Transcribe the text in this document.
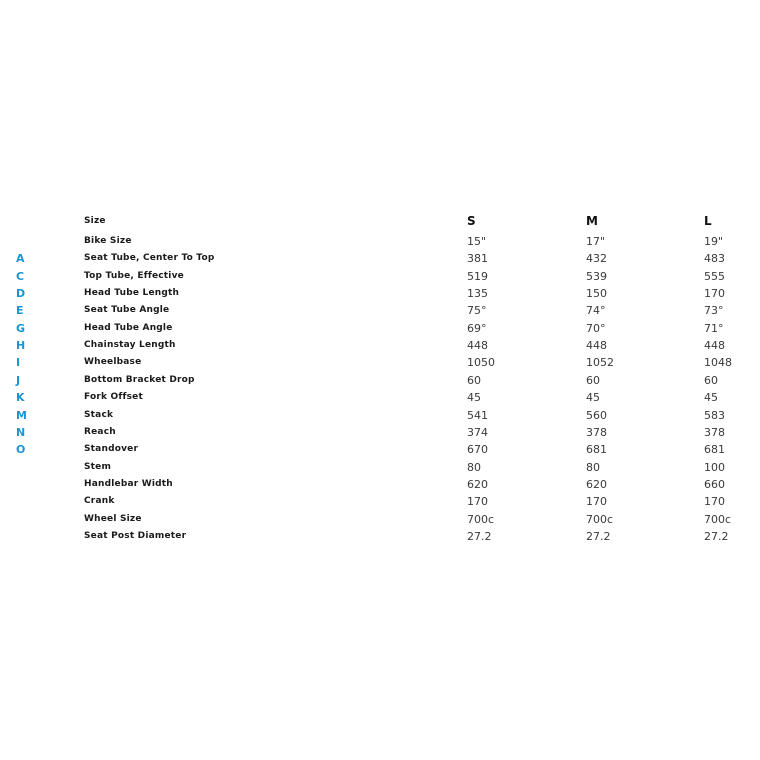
Size	S	M	L
Bike Size	15"	17"	19"
A	Seat Tube, Center To Top	381	432	483
C	Top Tube, Effective	519	539	555
D	Head Tube Length	135	150	170
E	Seat Tube Angle	75°	74°	73°
G	Head Tube Angle	69°	70°	71°
H	Chainstay Length	448	448	448
I	Wheelbase	1050	1052	1048
J	Bottom Bracket Drop	60	60	60
K	Fork Offset	45	45	45
M	Stack	541	560	583
N	Reach	374	378	378
O	Standover	670	681	681
Stem	80	80	100
Handlebar Width	620	620	660
Crank	170	170	170
Wheel Size	700c	700c	700c
Seat Post Diameter	27.2	27.2	27.2
